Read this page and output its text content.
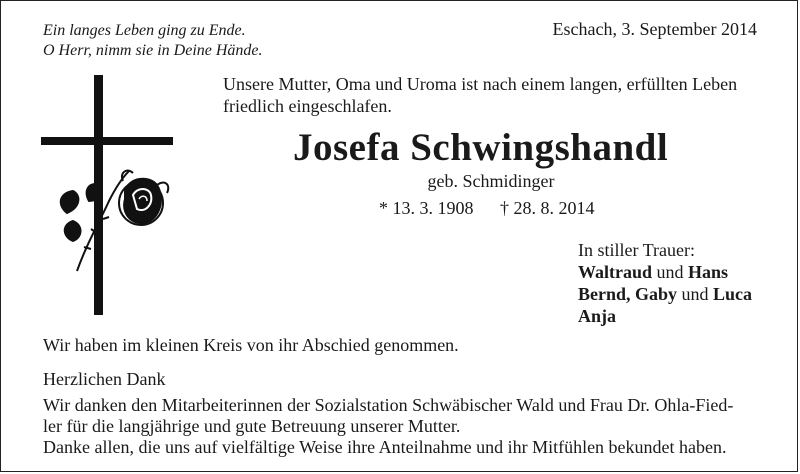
Ein langes Leben ging zu Ende.
O Herr, nimm sie in Deine Hände.
Eschach, 3. September 2014
Unsere Mutter, Oma und Uroma ist nach einem langen, erfüllten Leben friedlich eingeschlafen.
Josefa Schwingshandl
geb. Schmidinger
* 13. 3. 1908 † 28. 8. 2014
In stiller Trauer:
Waltraud und Hans
Bernd, Gaby und Luca
Anja
Wir haben im kleinen Kreis von ihr Abschied genommen.
Herzlichen Dank
Wir danken den Mitarbeiterinnen der Sozialstation Schwäbischer Wald und Frau Dr. Ohla-Fied-
ler für die langjährige und gute Betreuung unserer Mutter.
Danke allen, die uns auf vielfältige Weise ihre Anteilnahme und ihr Mitfühlen bekundet haben.
